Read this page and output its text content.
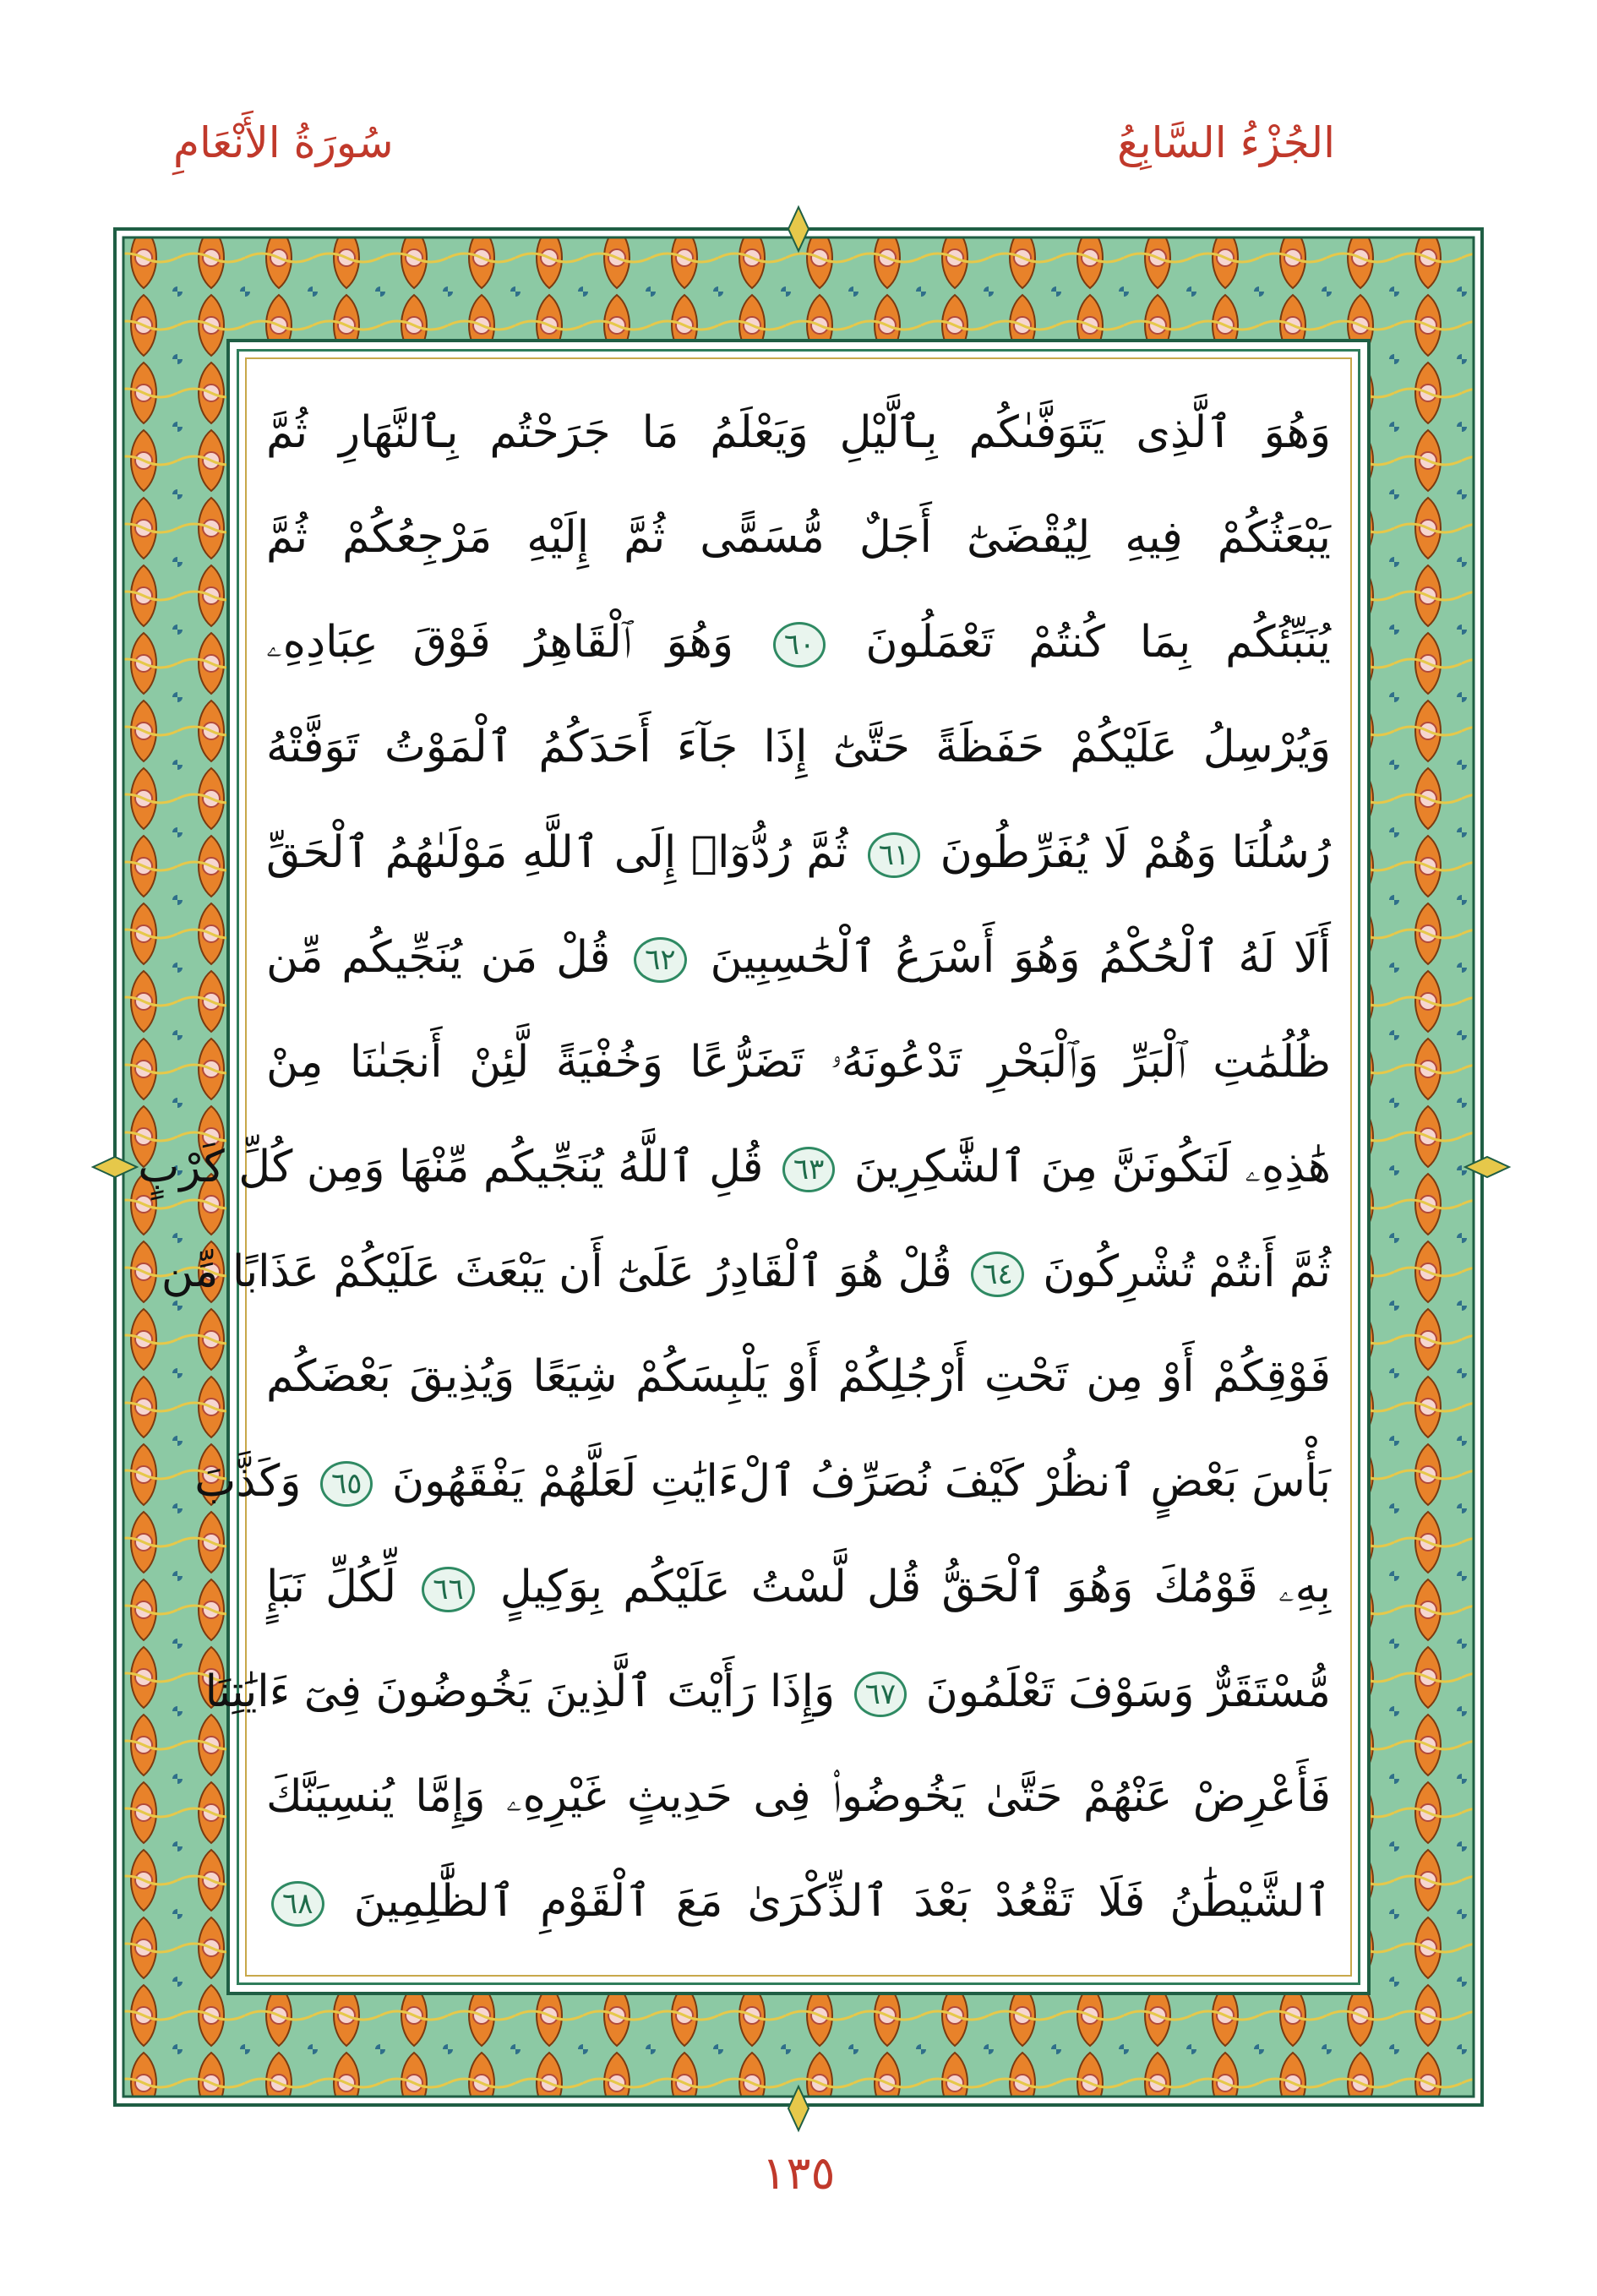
الجُزْءُ السَّابِعُ
سُورَةُ الأَنْعَامِ
وَهُوَ ٱلَّذِى يَتَوَفَّىٰكُم بِٱلَّيْلِ وَيَعْلَمُ مَا جَرَحْتُم بِٱلنَّهَارِ ثُمَّ
يَبْعَثُكُمْ فِيهِ لِيُقْضَىٰٓ أَجَلٌ مُّسَمًّى ثُمَّ إِلَيْهِ مَرْجِعُكُمْ ثُمَّ
يُنَبِّئُكُم بِمَا كُنتُمْ تَعْمَلُونَ ٦٠ وَهُوَ ٱلْقَاهِرُ فَوْقَ عِبَادِهِۦ
وَيُرْسِلُ عَلَيْكُمْ حَفَظَةً حَتَّىٰٓ إِذَا جَآءَ أَحَدَكُمُ ٱلْمَوْتُ تَوَفَّتْهُ
رُسُلُنَا وَهُمْ لَا يُفَرِّطُونَ ٦١ ثُمَّ رُدُّوٓا۟ إِلَى ٱللَّهِ مَوْلَىٰهُمُ ٱلْحَقِّ
أَلَا لَهُ ٱلْحُكْمُ وَهُوَ أَسْرَعُ ٱلْحَٰسِبِينَ ٦٢ قُلْ مَن يُنَجِّيكُم مِّن
ظُلُمَٰتِ ٱلْبَرِّ وَٱلْبَحْرِ تَدْعُونَهُۥ تَضَرُّعًا وَخُفْيَةً لَّئِنْ أَنجَىٰنَا مِنْ
هَٰذِهِۦ لَنَكُونَنَّ مِنَ ٱلشَّٰكِرِينَ ٦٣ قُلِ ٱللَّهُ يُنَجِّيكُم مِّنْهَا وَمِن كُلِّ كَرْبٍ
ثُمَّ أَنتُمْ تُشْرِكُونَ ٦٤ قُلْ هُوَ ٱلْقَادِرُ عَلَىٰٓ أَن يَبْعَثَ عَلَيْكُمْ عَذَابًا مِّن
فَوْقِكُمْ أَوْ مِن تَحْتِ أَرْجُلِكُمْ أَوْ يَلْبِسَكُمْ شِيَعًا وَيُذِيقَ بَعْضَكُم
بَأْسَ بَعْضٍ ٱنظُرْ كَيْفَ نُصَرِّفُ ٱلْءَايَٰتِ لَعَلَّهُمْ يَفْقَهُونَ ٦٥ وَكَذَّبَ
بِهِۦ قَوْمُكَ وَهُوَ ٱلْحَقُّ قُل لَّسْتُ عَلَيْكُم بِوَكِيلٍ ٦٦ لِّكُلِّ نَبَإٍ
مُّسْتَقَرٌّ وَسَوْفَ تَعْلَمُونَ ٦٧ وَإِذَا رَأَيْتَ ٱلَّذِينَ يَخُوضُونَ فِىٓ ءَايَٰتِنَا
فَأَعْرِضْ عَنْهُمْ حَتَّىٰ يَخُوضُوا۟ فِى حَدِيثٍ غَيْرِهِۦ وَإِمَّا يُنسِيَنَّكَ
ٱلشَّيْطَٰنُ فَلَا تَقْعُدْ بَعْدَ ٱلذِّكْرَىٰ مَعَ ٱلْقَوْمِ ٱلظَّٰلِمِينَ ٦٨
١٣٥
